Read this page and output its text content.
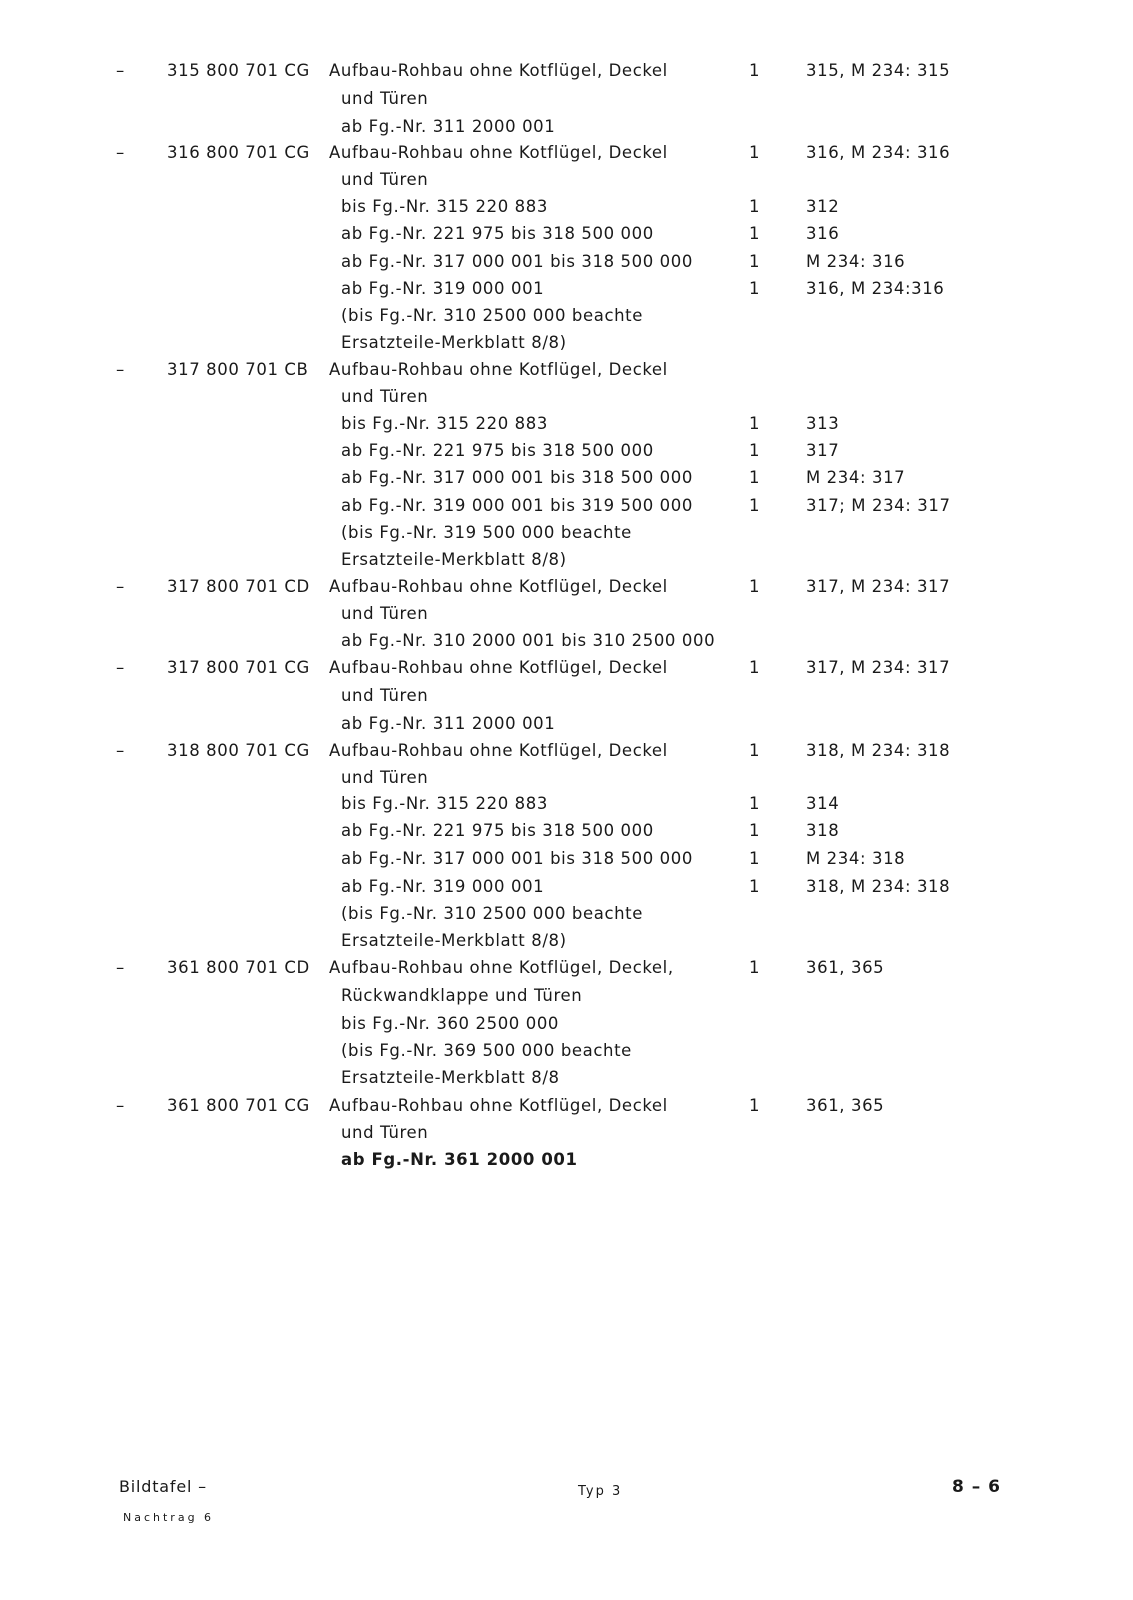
–	315 800 701 CG Aufbau-Rohbau ohne Kotflügel, Deckel	1	315, M 234: 315
und Türen
ab Fg.-Nr. 311 2000 001
–	316 800 701 CG Aufbau-Rohbau ohne Kotflügel, Deckel	1	316, M 234: 316
und Türen
bis Fg.-Nr. 315 220 883	1	312
ab Fg.-Nr. 221 975 bis 318 500 000	1	316
ab Fg.-Nr. 317 000 001 bis 318 500 000	1	M 234: 316
ab Fg.-Nr. 319 000 001	1	316, M 234:316
(bis Fg.-Nr. 310 2500 000 beachte
Ersatzteile-Merkblatt 8/8)
–	317 800 701 CB Aufbau-Rohbau ohne Kotflügel, Deckel
und Türen
bis Fg.-Nr. 315 220 883	1	313
ab Fg.-Nr. 221 975 bis 318 500 000	1	317
ab Fg.-Nr. 317 000 001 bis 318 500 000	1	M 234: 317
ab Fg.-Nr. 319 000 001 bis 319 500 000	1	317; M 234: 317
(bis Fg.-Nr. 319 500 000 beachte
Ersatzteile-Merkblatt 8/8)
–	317 800 701 CD Aufbau-Rohbau ohne Kotflügel, Deckel	1	317, M 234: 317
und Türen
ab Fg.-Nr. 310 2000 001 bis 310 2500 000
–	317 800 701 CG Aufbau-Rohbau ohne Kotflügel, Deckel	1	317, M 234: 317
und Türen
ab Fg.-Nr. 311 2000 001
–	318 800 701 CG Aufbau-Rohbau ohne Kotflügel, Deckel	1	318, M 234: 318
und Türen
bis Fg.-Nr. 315 220 883	1	314
ab Fg.-Nr. 221 975 bis 318 500 000	1	318
ab Fg.-Nr. 317 000 001 bis 318 500 000	1	M 234: 318
ab Fg.-Nr. 319 000 001	1	318, M 234: 318
(bis Fg.-Nr. 310 2500 000 beachte
Ersatzteile-Merkblatt 8/8)
–	361 800 701 CD Aufbau-Rohbau ohne Kotflügel, Deckel,	1	361, 365
Rückwandklappe und Türen
bis Fg.-Nr. 360 2500 000
(bis Fg.-Nr. 369 500 000 beachte
Ersatzteile-Merkblatt 8/8
–	361 800 701 CG Aufbau-Rohbau ohne Kotflügel, Deckel	1	361, 365
und Türen
ab Fg.-Nr. 361 2000 001
Bildtafel –
Nachtrag 6
Typ 3	8 – 6
